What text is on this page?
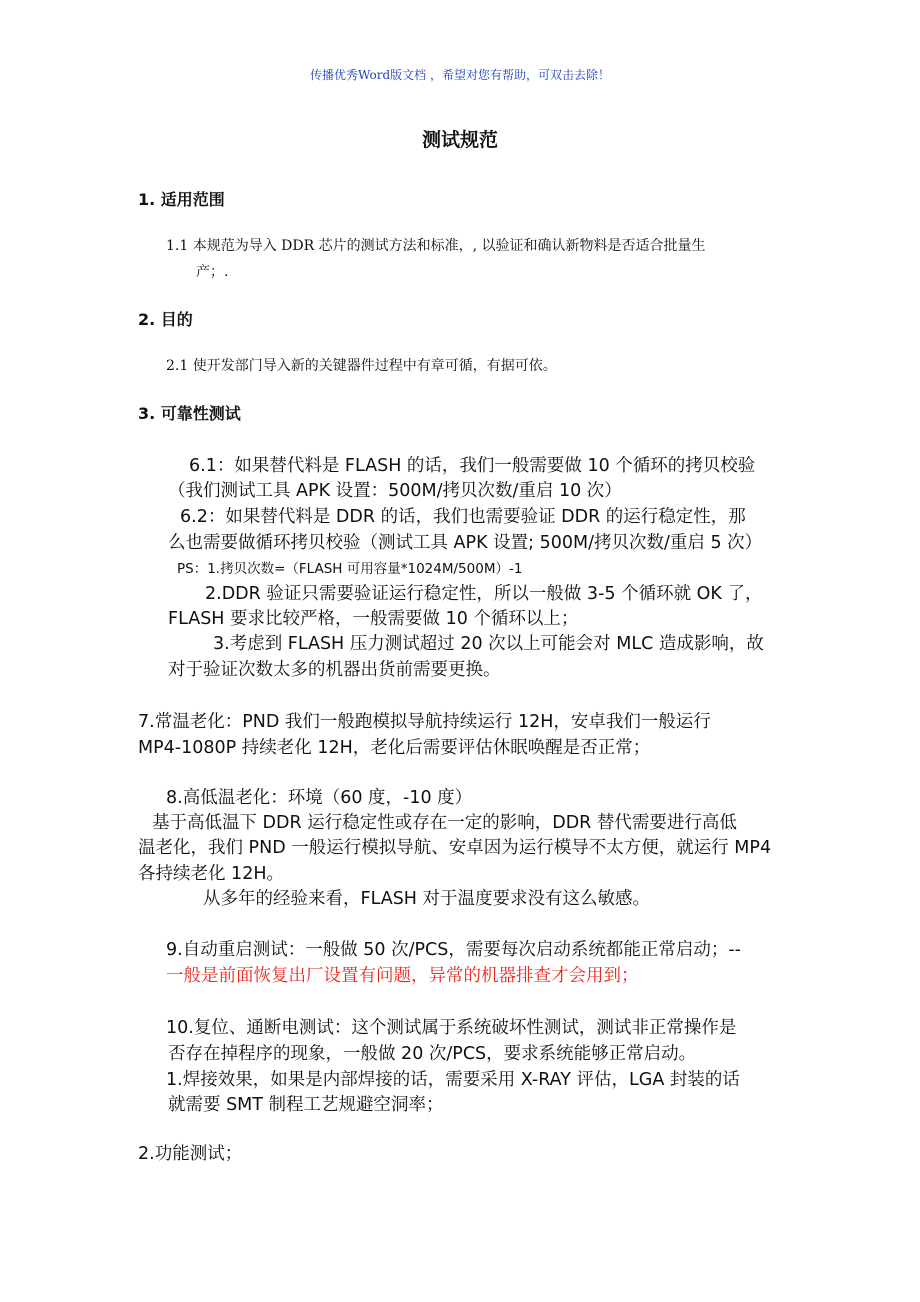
传播优秀Word版文档 ，希望对您有帮助，可双击去除！
测试规范
1. 适用范围
1.1 本规范为导入 DDR 芯片的测试方法和标准，, 以验证和确认新物料是否适合批量生
产；.
2. 目的
2.1 使开发部门导入新的关键器件过程中有章可循，有据可依。
3. 可靠性测试
6.1：如果替代料是 FLASH 的话，我们一般需要做 10 个循环的拷贝校验
（我们测试工具 APK 设置：500M/拷贝次数/重启 10 次）
6.2：如果替代料是 DDR 的话，我们也需要验证 DDR 的运行稳定性，那
么也需要做循环拷贝校验（测试工具 APK 设置; 500M/拷贝次数/重启 5 次）
PS：1.拷贝次数=（FLASH 可用容量*1024M/500M）-1
2.DDR 验证只需要验证运行稳定性，所以一般做 3-5 个循环就 OK 了，
FLASH 要求比较严格，一般需要做 10 个循环以上；
3.考虑到 FLASH 压力测试超过 20 次以上可能会对 MLC 造成影响，故
对于验证次数太多的机器出货前需要更换。
7.常温老化：PND 我们一般跑模拟导航持续运行 12H，安卓我们一般运行
MP4-1080P 持续老化 12H，老化后需要评估休眠唤醒是否正常；
8.高低温老化：环境（60 度，-10 度）
基于高低温下 DDR 运行稳定性或存在一定的影响，DDR 替代需要进行高低
温老化，我们 PND 一般运行模拟导航、安卓因为运行模导不太方便，就运行 MP4
各持续老化 12H。
从多年的经验来看，FLASH 对于温度要求没有这么敏感。
9.自动重启测试：一般做 50 次/PCS，需要每次启动系统都能正常启动；--
一般是前面恢复出厂设置有问题，异常的机器排查才会用到；
10.复位、通断电测试：这个测试属于系统破坏性测试，测试非正常操作是
否存在掉程序的现象，一般做 20 次/PCS，要求系统能够正常启动。
1.焊接效果，如果是内部焊接的话，需要采用 X-RAY 评估，LGA 封装的话
就需要 SMT 制程工艺规避空洞率；
2.功能测试；
